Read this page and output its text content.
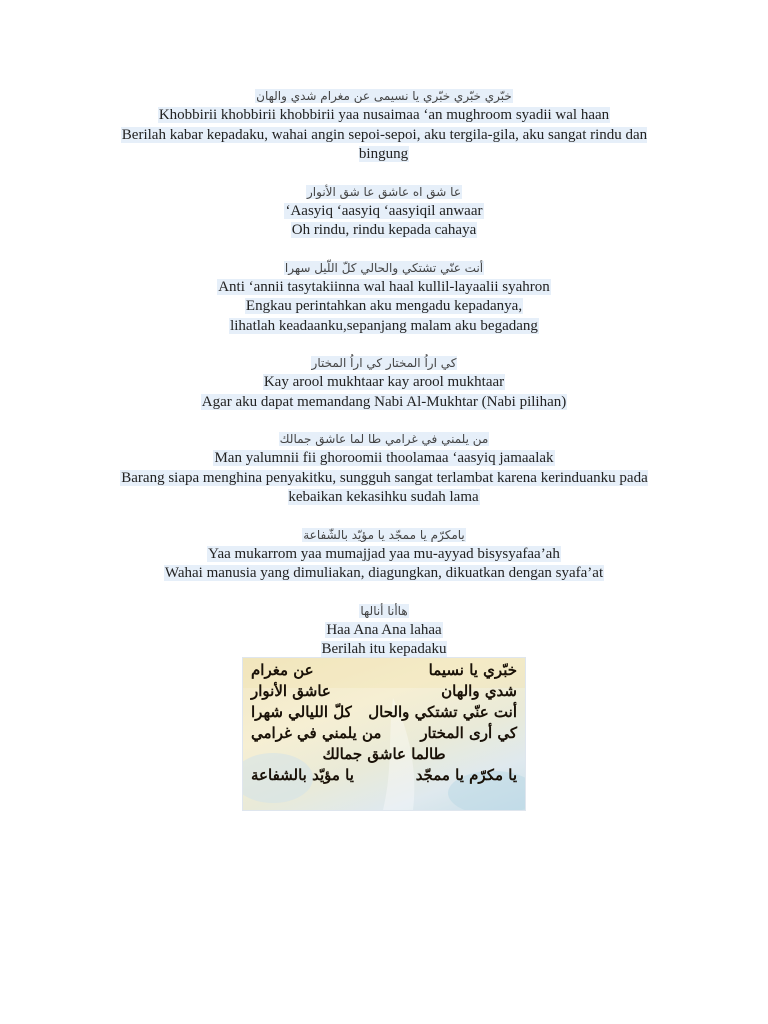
خبّري خبّري خبّري يا نسيمى عن مغرام شدي والهان
Khobbirii khobbirii khobbirii yaa nusaimaa ‘an mughroom syadii wal haan
Berilah kabar kepadaku, wahai angin sepoi-sepoi, aku tergila-gila, aku sangat rindu dan bingung
عا شق اه عاشق عا شق الأنوار
‘Aasyiq ‘aasyiq ‘aasyiqil anwaar
Oh rindu, rindu kepada cahaya
أنت عنّي تشتكي والحالي كلّ اللّيل سهرا
Anti ‘annii tasytakiinna wal haal kullil-layaalii syahron
Engkau perintahkan aku mengadu kepadanya,
lihatlah keadaanku,sepanjang malam aku begadang
كي اراُ المختار كي اراُ المختار
Kay arool mukhtaar kay arool mukhtaar
Agar aku dapat memandang Nabi Al-Mukhtar (Nabi pilihan)
من يلمني في غرامي طا لما عاشق جمالك
Man yalumnii fii ghoroomii thoolamaa ‘aasyiq jamaalak
Barang siapa menghina penyakitku, sungguh sangat terlambat karena kerinduanku pada kebaikan kekasihku sudah lama
يامكرّم يا ممجّد يا مؤيّد بالشّفاعة
Yaa mukarrom yaa mumajjad yaa mu-ayyad bisysyafaa’ah
Wahai manusia yang dimuliakan, diagungkan, dikuatkan dengan syafa’at
هاأنا أنالها
Haa Ana Ana lahaa
Berilah itu kepadaku
خبّري يا نسيما
عن مغرام
شدي والهان
عاشق الأنوار
أنت عنّي تشتكي والحال
كلّ الليالي شهرا
كي أرى المختار
من يلمني في غرامي
طالما عاشق جمالك
يا مكرّم يا ممجّد
يا مؤيّد بالشفاعة
